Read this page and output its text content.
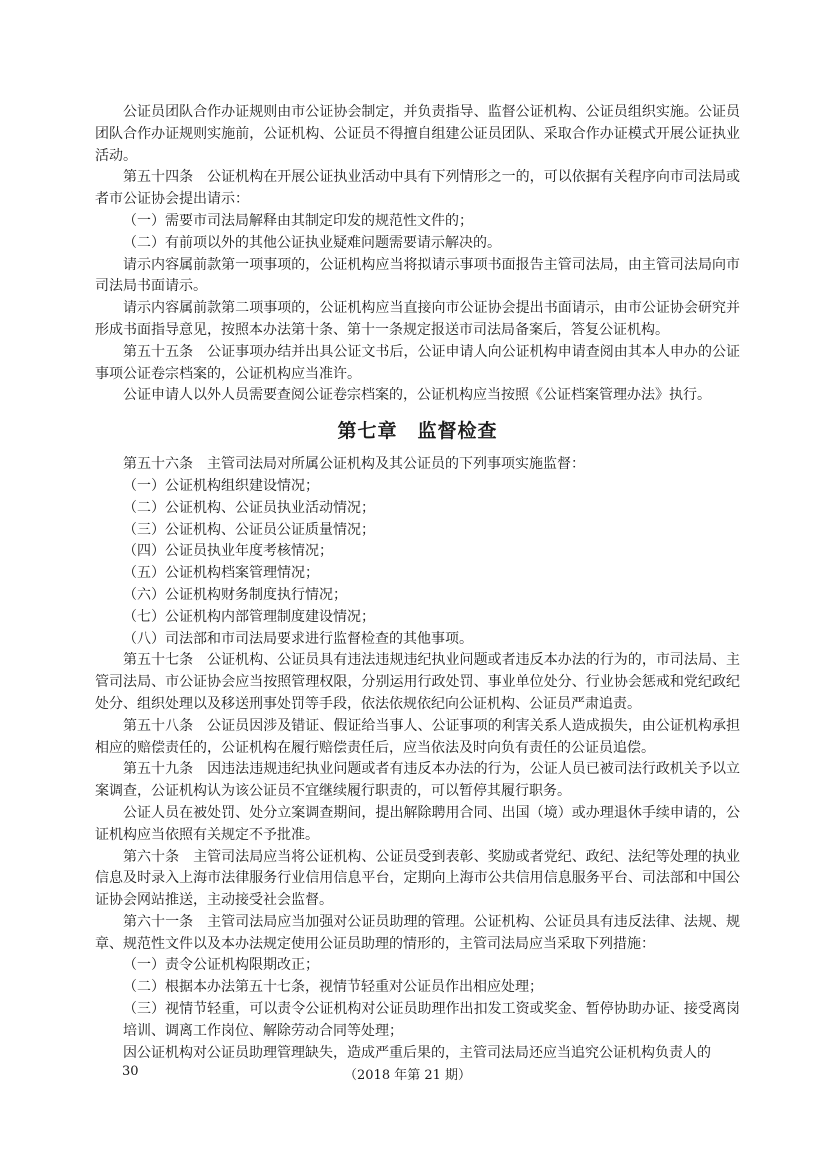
公证员团队合作办证规则由市公证协会制定，并负责指导、监督公证机构、公证员组织实施。公证员团队合作办证规则实施前，公证机构、公证员不得擅自组建公证员团队、采取合作办证模式开展公证执业活动。

第五十四条　公证机构在开展公证执业活动中具有下列情形之一的，可以依据有关程序向市司法局或者市公证协会提出请示：

（一）需要市司法局解释由其制定印发的规范性文件的；

（二）有前项以外的其他公证执业疑难问题需要请示解决的。

请示内容属前款第一项事项的，公证机构应当将拟请示事项书面报告主管司法局，由主管司法局向市司法局书面请示。

请示内容属前款第二项事项的，公证机构应当直接向市公证协会提出书面请示，由市公证协会研究并形成书面指导意见，按照本办法第十条、第十一条规定报送市司法局备案后，答复公证机构。

第五十五条　公证事项办结并出具公证文书后，公证申请人向公证机构申请查阅由其本人申办的公证事项公证卷宗档案的，公证机构应当准许。

公证申请人以外人员需要查阅公证卷宗档案的，公证机构应当按照《公证档案管理办法》执行。

第七章 监督检查

第五十六条　主管司法局对所属公证机构及其公证员的下列事项实施监督：

（一）公证机构组织建设情况；

（二）公证机构、公证员执业活动情况；

（三）公证机构、公证员公证质量情况；

（四）公证员执业年度考核情况；

（五）公证机构档案管理情况；

（六）公证机构财务制度执行情况；

（七）公证机构内部管理制度建设情况；

（八）司法部和市司法局要求进行监督检查的其他事项。

第五十七条　公证机构、公证员具有违法违规违纪执业问题或者违反本办法的行为的，市司法局、主管司法局、市公证协会应当按照管理权限，分别运用行政处罚、事业单位处分、行业协会惩戒和党纪政纪处分、组织处理以及移送刑事处罚等手段，依法依规依纪向公证机构、公证员严肃追责。

第五十八条　公证员因涉及错证、假证给当事人、公证事项的利害关系人造成损失，由公证机构承担相应的赔偿责任的，公证机构在履行赔偿责任后，应当依法及时向负有责任的公证员追偿。

第五十九条　因违法违规违纪执业问题或者有违反本办法的行为，公证人员已被司法行政机关予以立案调查，公证机构认为该公证员不宜继续履行职责的，可以暂停其履行职务。

公证人员在被处罚、处分立案调查期间，提出解除聘用合同、出国（境）或办理退休手续申请的，公证机构应当依照有关规定不予批准。

第六十条　主管司法局应当将公证机构、公证员受到表彰、奖励或者党纪、政纪、法纪等处理的执业信息及时录入上海市法律服务行业信用信息平台，定期向上海市公共信用信息服务平台、司法部和中国公证协会网站推送，主动接受社会监督。

第六十一条　主管司法局应当加强对公证员助理的管理。公证机构、公证员具有违反法律、法规、规章、规范性文件以及本办法规定使用公证员助理的情形的，主管司法局应当采取下列措施：

（一）责令公证机构限期改正；

（二）根据本办法第五十七条，视情节轻重对公证员作出相应处理；

（三）视情节轻重，可以责令公证机构对公证员助理作出扣发工资或奖金、暂停协助办证、接受离岗培训、调离工作岗位、解除劳动合同等处理；

因公证机构对公证员助理管理缺失，造成严重后果的，主管司法局还应当追究公证机构负责人的

30	（2018 年第 21 期）
